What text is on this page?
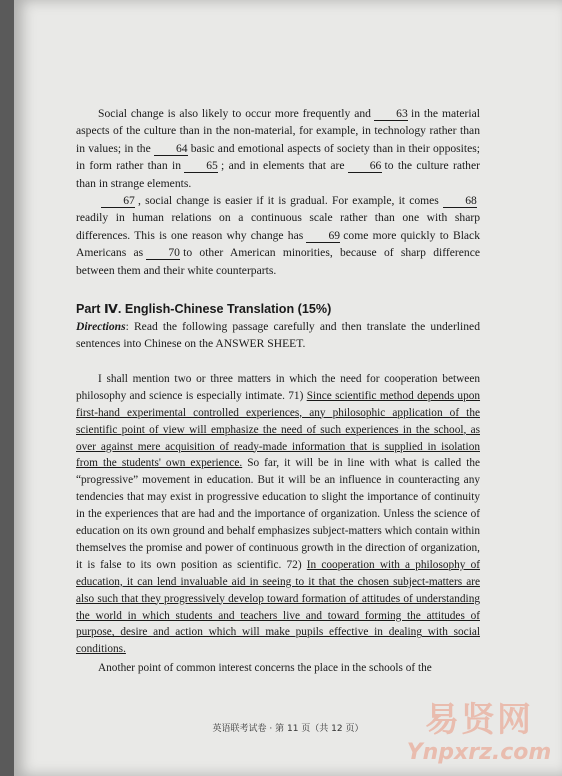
Social change is also likely to occur more frequently and 63 in the material aspects of the culture than in the non-material, for example, in technology rather than in values; in the 64 basic and emotional aspects of society than in their opposites; in form rather than in 65 ; and in elements that are 66 to the culture rather than in strange elements.

67 , social change is easier if it is gradual. For example, it comes 68readily in human relations on a continuous scale rather than one with sharp differences. This is one reason why change has 69 come more quickly to Black Americans as 70 to other American minorities, because of sharp difference between them and their white counterparts.

Part Ⅳ. English-Chinese Translation (15%)

Directions: Read the following passage carefully and then translate the underlined sentences into Chinese on the ANSWER SHEET.

I shall mention two or three matters in which the need for cooperation between philosophy and science is especially intimate. 71) Since scientific method depends upon first-hand experimental controlled experiences, any philosophic application of the scientific point of view will emphasize the need of such experiences in the school, as over against mere acquisition of ready-made information that is supplied in isolation from the students' own experience. So far, it will be in line with what is called the “progressive” movement in education. But it will be an influence in counteracting any tendencies that may exist in progressive education to slight the importance of continuity in the experiences that are had and the importance of organization. Unless the science of education on its own ground and behalf emphasizes subject-matters which contain within themselves the promise and power of continuous growth in the direction of organization, it is false to its own position as scientific. 72) In cooperation with a philosophy of education, it can lend invaluable aid in seeing to it that the chosen subject-matters are also such that they progressively develop toward formation of attitudes of understanding the world in which students and teachers live and toward forming the attitudes of purpose, desire and action which will make pupils effective in dealing with social conditions.

Another point of common interest concerns the place in the schools of the

英语联考试卷 · 第 11 页（共 12 页）	易贤网
Ynpxrz.com
